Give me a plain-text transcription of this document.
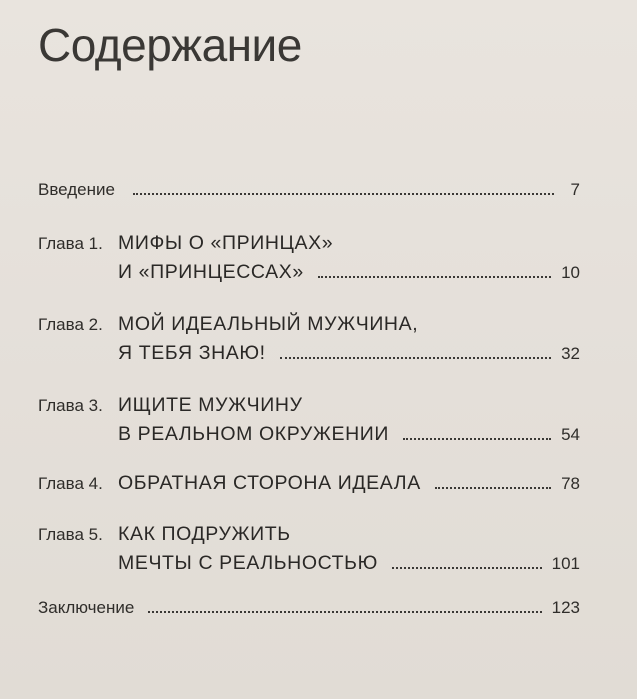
Содержание
Введение	7
Глава 1. МИФЫ О «ПРИНЦАХ»
И «ПРИНЦЕССАХ»	10
Глава 2. МОЙ ИДЕАЛЬНЫЙ МУЖЧИНА,
Я ТЕБЯ ЗНАЮ!	32
Глава 3. ИЩИТЕ МУЖЧИНУ
В РЕАЛЬНОМ ОКРУЖЕНИИ	54
Глава 4. ОБРАТНАЯ СТОРОНА ИДЕАЛА	78
Глава 5. КАК ПОДРУЖИТЬ
МЕЧТЫ С РЕАЛЬНОСТЬЮ	101
Заключение	123
